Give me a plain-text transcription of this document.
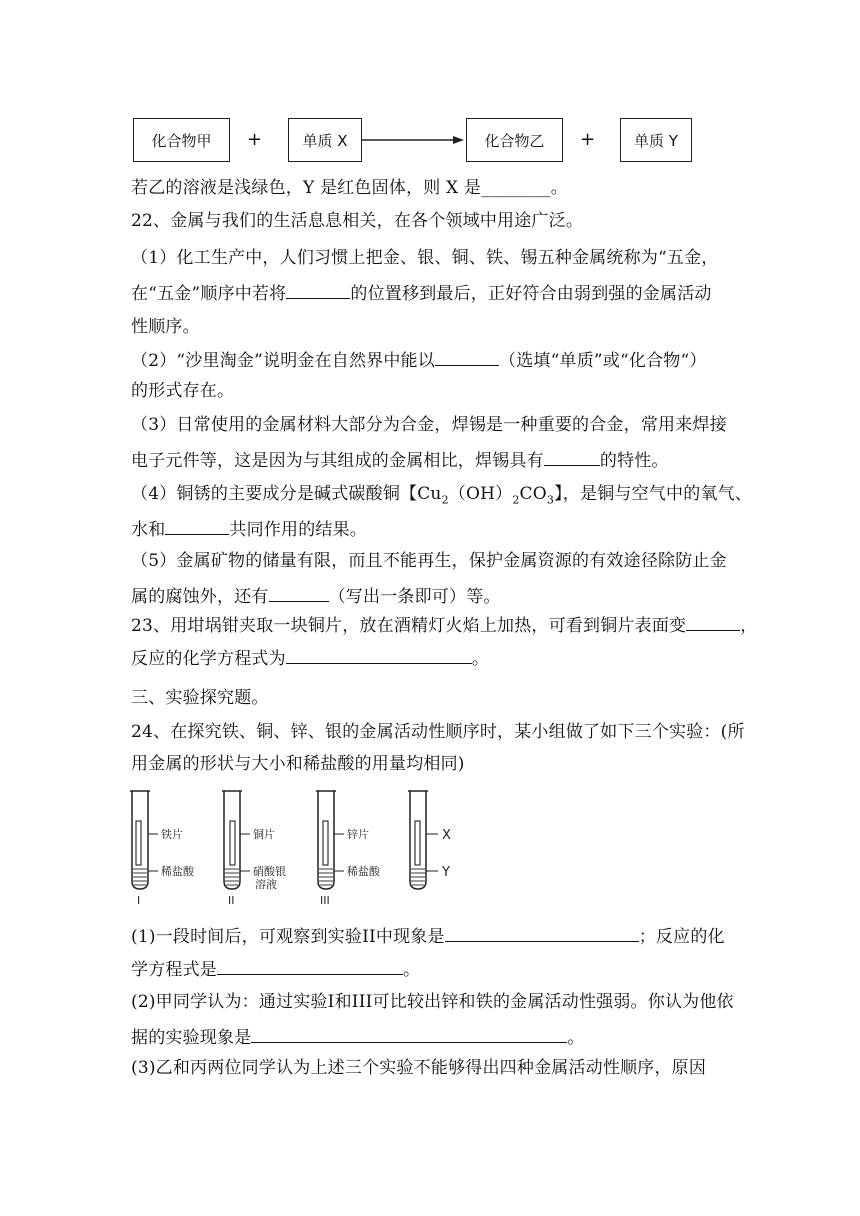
化合物甲 +	单质 X	化合物乙 +	单质 Y
若乙的溶液是浅绿色，Y 是红色固体，则 X 是________。
22、金属与我们的生活息息相关，在各个领域中用途广泛。
（1）化工生产中，人们习惯上把金、银、铜、铁、锡五种金属统称为“五金，
在“五金”顺序中若将	的位置移到最后，正好符合由弱到强的金属活动
性顺序。
（2）“沙里淘金”说明金在自然界中能以	（选填“单质”或“化合物“）
的形式存在。
（3）日常使用的金属材料大部分为合金，焊锡是一种重要的合金，常用来焊接
电子元件等，这是因为与其组成的金属相比，焊锡具有	的特性。
（4）铜锈的主要成分是碱式碳酸铜【$Cu_2(OH)_2CO_3$】，是铜与空气中的氧气、
水和	共同作用的结果。
（5）金属矿物的储量有限，而且不能再生，保护金属资源的有效途径除防止金
属的腐蚀外，还有	（写出一条即可）等。
23、用坩埚钳夹取一块铜片，放在酒精灯火焰上加热，可看到铜片表面变	，
反应的化学方程式为	。
三、实验探究题。
24、在探究铁、铜、锌、银的金属活动性顺序时，某小组做了如下三个实验：(所
用金属的形状与大小和稀盐酸的用量均相同)
铁片
稀盐酸
I
铜片
硝酸银
溶液
II
锌片
稀盐酸
III
X
Y
(1)一段时间后，可观察到实验II中现象是	；反应的化
学方程式是	。
(2)甲同学认为：通过实验I和III可比较出锌和铁的金属活动性强弱。你认为他依
据的实验现象是	。
(3)乙和丙两位同学认为上述三个实验不能够得出四种金属活动性顺序，原因
